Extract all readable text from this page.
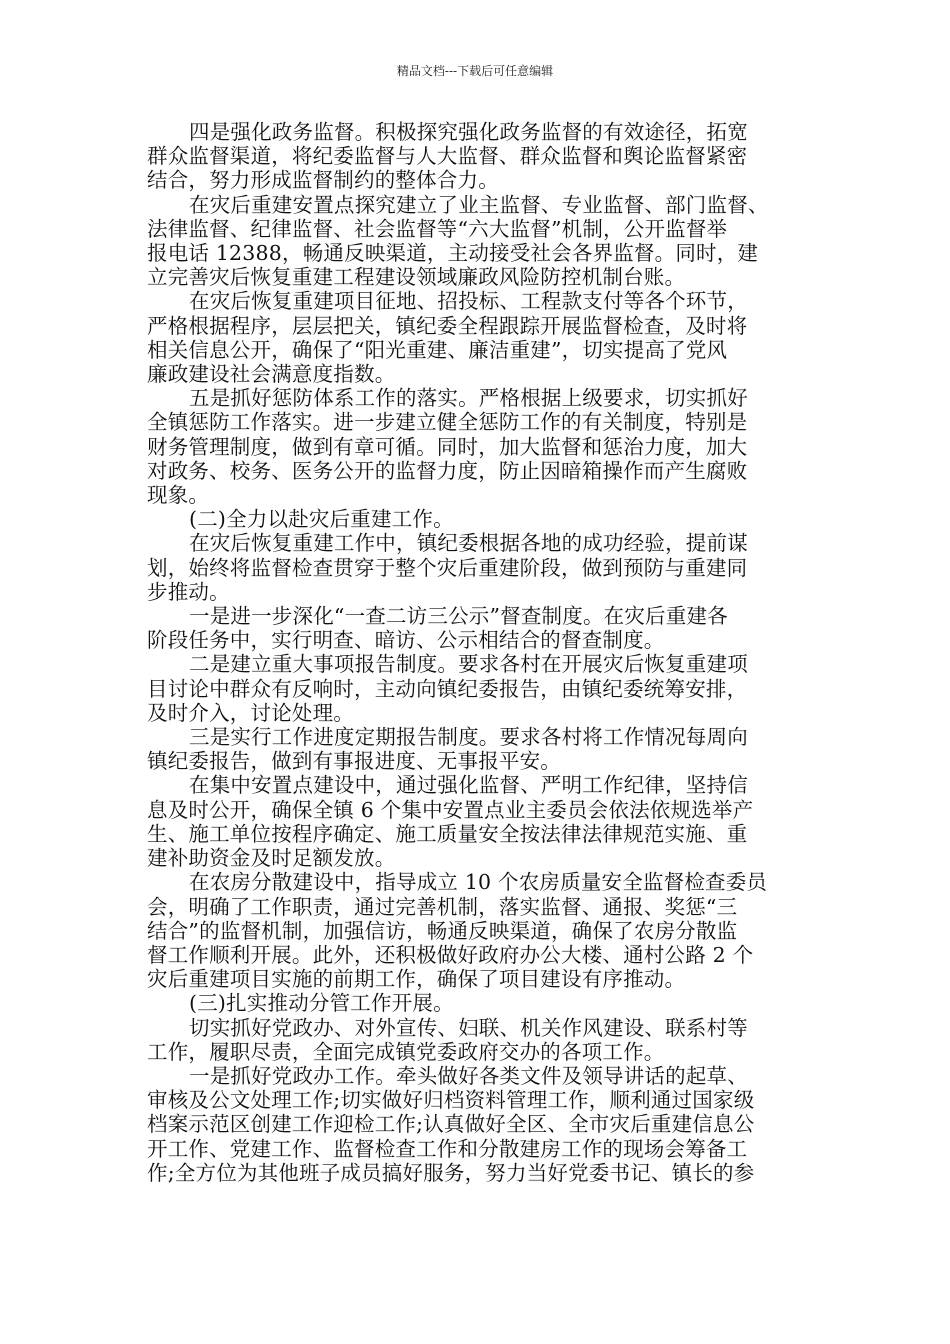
精品文档---下载后可任意编辑

四是强化政务监督。积极探究强化政务监督的有效途径，拓宽
群众监督渠道，将纪委监督与人大监督、群众监督和舆论监督紧密
结合，努力形成监督制约的整体合力。

在灾后重建安置点探究建立了业主监督、专业监督、部门监督、
法律监督、纪律监督、社会监督等“六大监督”机制，公开监督举
报电话 12388，畅通反映渠道，主动接受社会各界监督。同时，建
立完善灾后恢复重建工程建设领域廉政风险防控机制台账。

在灾后恢复重建项目征地、招投标、工程款支付等各个环节，
严格根据程序，层层把关，镇纪委全程跟踪开展监督检查，及时将
相关信息公开，确保了“阳光重建、廉洁重建”，切实提高了党风
廉政建设社会满意度指数。

五是抓好惩防体系工作的落实。严格根据上级要求，切实抓好
全镇惩防工作落实。进一步建立健全惩防工作的有关制度，特别是
财务管理制度，做到有章可循。同时，加大监督和惩治力度，加大
对政务、校务、医务公开的监督力度，防止因暗箱操作而产生腐败
现象。

(二)全力以赴灾后重建工作。

在灾后恢复重建工作中，镇纪委根据各地的成功经验，提前谋
划，始终将监督检查贯穿于整个灾后重建阶段，做到预防与重建同
步推动。

一是进一步深化“一查二访三公示”督查制度。在灾后重建各
阶段任务中，实行明查、暗访、公示相结合的督查制度。

二是建立重大事项报告制度。要求各村在开展灾后恢复重建项
目讨论中群众有反响时，主动向镇纪委报告，由镇纪委统筹安排，
及时介入，讨论处理。

三是实行工作进度定期报告制度。要求各村将工作情况每周向
镇纪委报告，做到有事报进度、无事报平安。

在集中安置点建设中，通过强化监督、严明工作纪律，坚持信
息及时公开，确保全镇 6 个集中安置点业主委员会依法依规选举产
生、施工单位按程序确定、施工质量安全按法律法律规范实施、重
建补助资金及时足额发放。

在农房分散建设中，指导成立 10 个农房质量安全监督检查委员
会，明确了工作职责，通过完善机制，落实监督、通报、奖惩“三
结合”的监督机制，加强信访，畅通反映渠道，确保了农房分散监
督工作顺利开展。此外，还积极做好政府办公大楼、通村公路 2 个
灾后重建项目实施的前期工作，确保了项目建设有序推动。

(三)扎实推动分管工作开展。

切实抓好党政办、对外宣传、妇联、机关作风建设、联系村等
工作，履职尽责，全面完成镇党委政府交办的各项工作。

一是抓好党政办工作。牵头做好各类文件及领导讲话的起草、
审核及公文处理工作;切实做好归档资料管理工作，顺利通过国家级
档案示范区创建工作迎检工作;认真做好全区、全市灾后重建信息公
开工作、党建工作、监督检查工作和分散建房工作的现场会筹备工
作;全方位为其他班子成员搞好服务，努力当好党委书记、镇长的参
